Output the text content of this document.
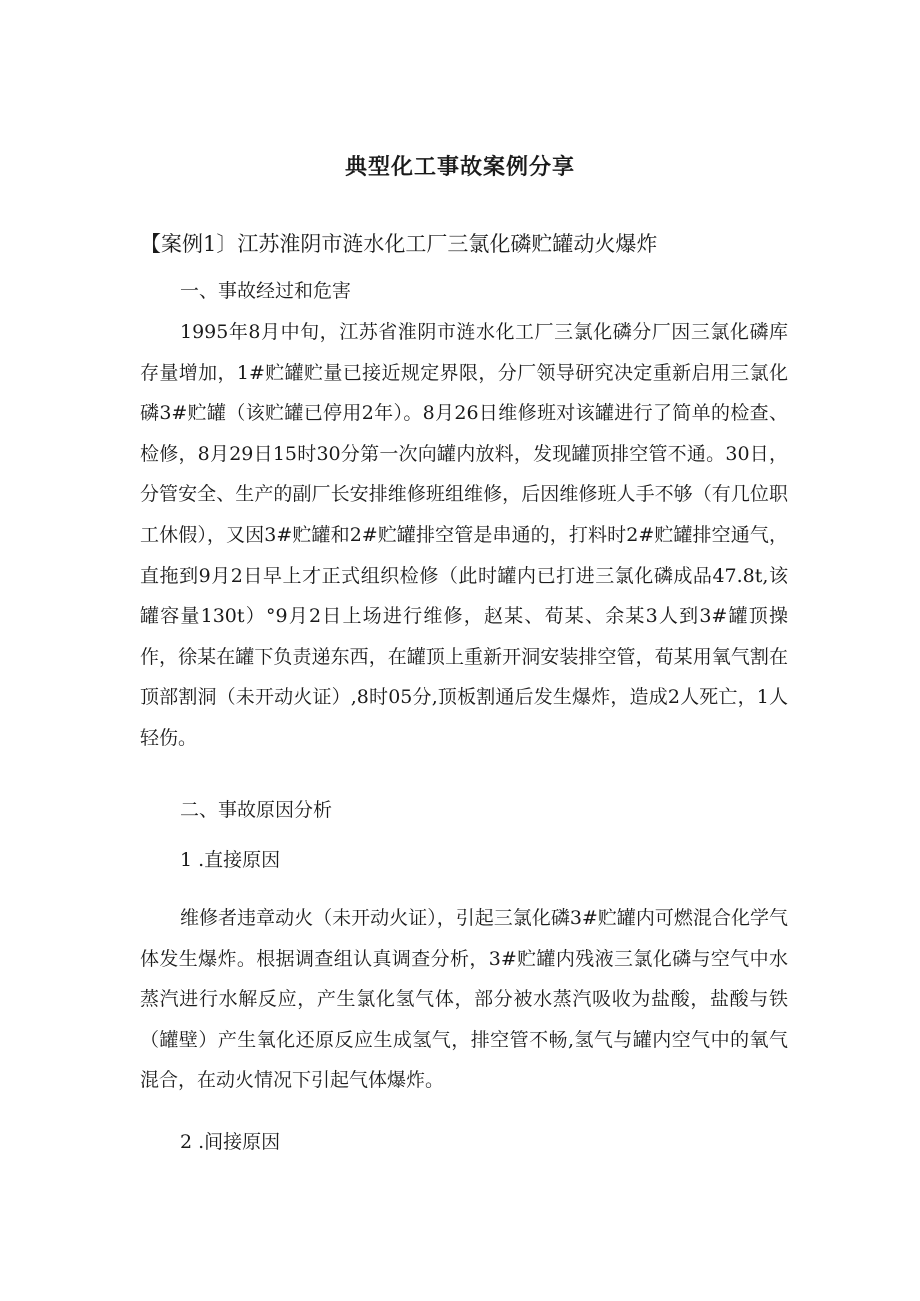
典型化工事故案例分享
【案例1〕江苏淮阴市涟水化工厂三氯化磷贮罐动火爆炸
一、事故经过和危害
1995年8月中旬，江苏省淮阴市涟水化工厂三氯化磷分厂因三氯化磷库存量增加，1#贮罐贮量已接近规定界限，分厂领导研究决定重新启用三氯化磷3#贮罐（该贮罐已停用2年）。8月26日维修班对该罐进行了简单的检查、检修，8月29日15时30分第一次向罐内放料，发现罐顶排空管不通。30日，分管安全、生产的副厂长安排维修班组维修，后因维修班人手不够（有几位职工休假），又因3#贮罐和2#贮罐排空管是串通的，打料时2#贮罐排空通气，直拖到9月2日早上才正式组织检修（此时罐内已打进三氯化磷成品47.8t,该罐容量130t）°9月2日上场进行维修，赵某、荀某、余某3人到3#罐顶操作，徐某在罐下负责递东西，在罐顶上重新开洞安装排空管，荀某用氧气割在顶部割洞（未开动火证）,8时05分,顶板割通后发生爆炸，造成2人死亡，1人轻伤。
二、事故原因分析
1 .直接原因
维修者违章动火（未开动火证），引起三氯化磷3#贮罐内可燃混合化学气体发生爆炸。根据调查组认真调查分析，3#贮罐内残液三氯化磷与空气中水蒸汽进行水解反应，产生氯化氢气体，部分被水蒸汽吸收为盐酸，盐酸与铁（罐壁）产生氧化还原反应生成氢气，排空管不畅,氢气与罐内空气中的氧气混合，在动火情况下引起气体爆炸。
2 .间接原因
